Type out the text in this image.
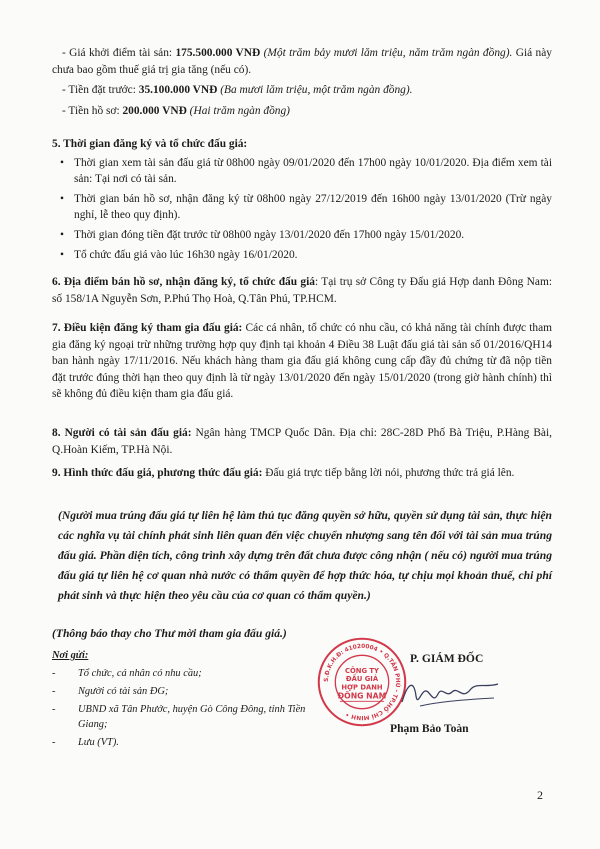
- Giá khởi điểm tài sản: 175.500.000 VNĐ (Một trăm bảy mươi lăm triệu, năm trăm ngàn đồng). Giá này chưa bao gồm thuế giá trị gia tăng (nếu có).
- Tiền đặt trước: 35.100.000 VNĐ (Ba mươi lăm triệu, một trăm ngàn đồng).
- Tiền hồ sơ: 200.000 VNĐ (Hai trăm ngàn đồng)
5. Thời gian đăng ký và tổ chức đấu giá:
• Thời gian xem tài sản đấu giá từ 08h00 ngày 09/01/2020 đến 17h00 ngày 10/01/2020. Địa điểm xem tài sản: Tại nơi có tài sản.
• Thời gian bán hồ sơ, nhận đăng ký từ 08h00 ngày 27/12/2019 đến 16h00 ngày 13/01/2020 (Trừ ngày nghỉ, lễ theo quy định).
• Thời gian đóng tiền đặt trước từ 08h00 ngày 13/01/2020 đến 17h00 ngày 15/01/2020.
• Tổ chức đấu giá vào lúc 16h30 ngày 16/01/2020.
6. Địa điểm bán hồ sơ, nhận đăng ký, tổ chức đấu giá: Tại trụ sở Công ty Đấu giá Hợp danh Đông Nam: số 158/1A Nguyễn Sơn, P.Phú Thọ Hoà, Q.Tân Phú, TP.HCM.
7. Điều kiện đăng ký tham gia đấu giá: Các cá nhân, tổ chức có nhu cầu, có khả năng tài chính được tham gia đăng ký ngoại trừ những trường hợp quy định tại khoản 4 Điều 38 Luật đấu giá tài sản số 01/2016/QH14 ban hành ngày 17/11/2016. Nếu khách hàng tham gia đấu giá không cung cấp đầy đủ chứng từ đã nộp tiền đặt trước đúng thời hạn theo quy định là từ ngày 13/01/2020 đến ngày 15/01/2020 (trong giờ hành chính) thì sẽ không đủ điều kiện tham gia đấu giá.
8. Người có tài sản đấu giá: Ngân hàng TMCP Quốc Dân. Địa chỉ: 28C-28D Phố Bà Triệu, P.Hàng Bài, Q.Hoàn Kiếm, TP.Hà Nội.
9. Hình thức đấu giá, phương thức đấu giá: Đấu giá trực tiếp bằng lời nói, phương thức trả giá lên.
(Người mua trúng đấu giá tự liên hệ làm thủ tục đăng quyền sở hữu, quyền sử dụng tài sản, thực hiện các nghĩa vụ tài chính phát sinh liên quan đến việc chuyển nhượng sang tên đối với tài sản mua trúng đấu giá. Phần diện tích, công trình xây dựng trên đất chưa được công nhận ( nếu có) người mua trúng đấu giá tự liên hệ cơ quan nhà nước có thẩm quyền để hợp thức hóa, tự chịu mọi khoản thuế, chi phí phát sinh và thực hiện theo yêu cầu của cơ quan có thẩm quyền.)
(Thông báo thay cho Thư mời tham gia đấu giá.)
Nơi gửi:
-	Tổ chức, cá nhân có nhu cầu;
-	Người có tài sản ĐG;
-	UBND xã Tân Phước, huyện Gò Công Đông, tỉnh Tiền Giang;
-	Lưu (VT).
S.Đ.K.H.Đ: 41020004 • Q.TÂN PHÚ - TP.HỒ CHÍ MINH •
CÔNG TY
ĐẤU GIÁ
HỢP DANH
ĐÔNG NAM
P. GIÁM ĐỐC
Phạm Bảo Toàn
2
